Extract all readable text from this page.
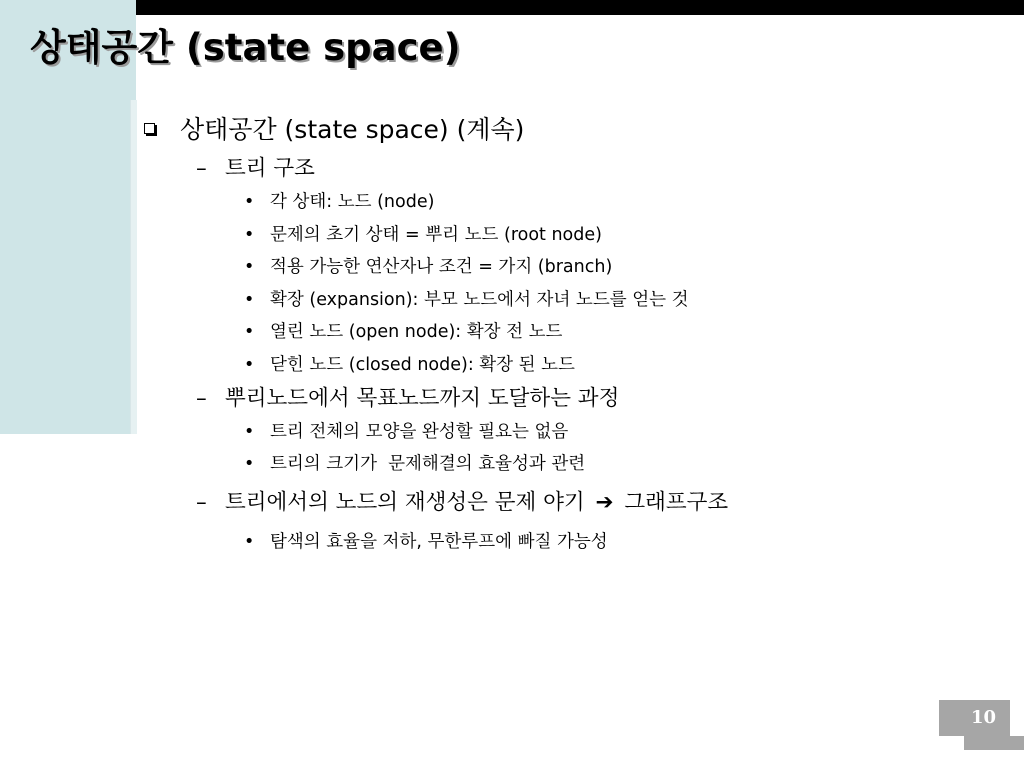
상태공간 (state space)
상태공간 (state space) (계속)
– 트리 구조
• 각 상태: 노드 (node)
• 문제의 초기 상태 = 뿌리 노드 (root node)
• 적용 가능한 연산자나 조건 = 가지 (branch)
• 확장 (expansion): 부모 노드에서 자녀 노드를 얻는 것
• 열린 노드 (open node): 확장 전 노드
• 닫힌 노드 (closed node): 확장 된 노드
– 뿌리노드에서 목표노드까지 도달하는 과정
• 트리 전체의 모양을 완성할 필요는 없음
• 트리의 크기가  문제해결의 효율성과 관련
– 트리에서의 노드의 재생성은 문제 야기 ➔ 그래프구조
• 탐색의 효율을 저하, 무한루프에 빠질 가능성
10
